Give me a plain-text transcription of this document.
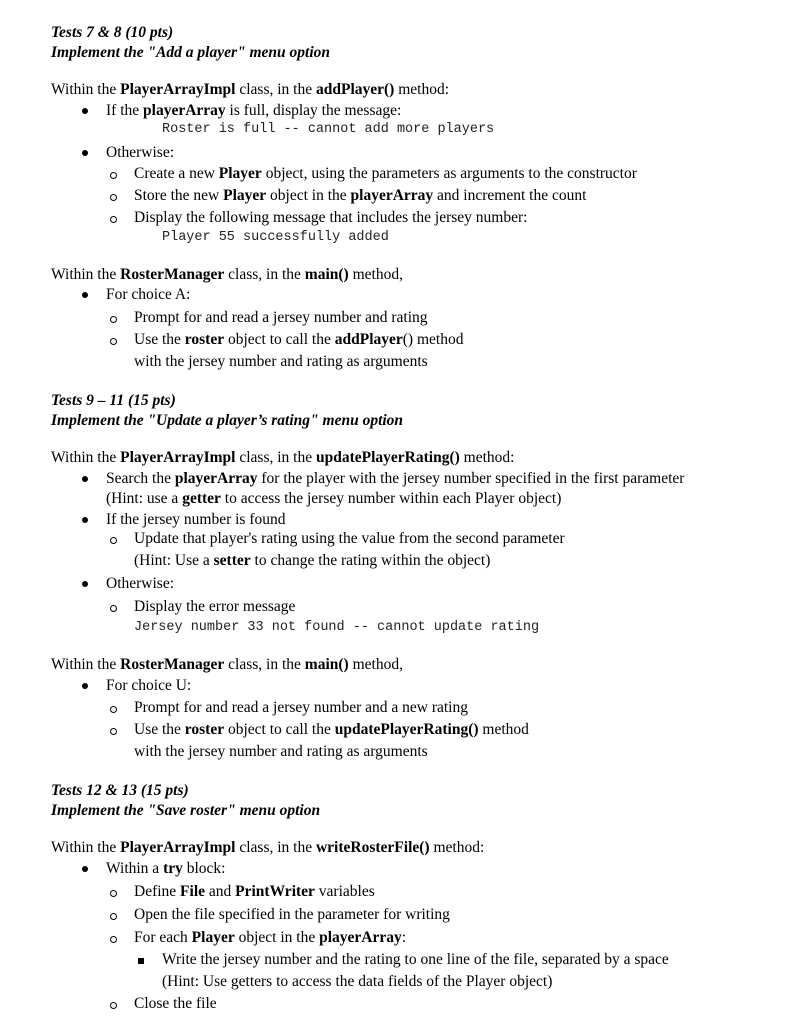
Tests 7 & 8 (10 pts)
Implement the "Add a player" menu option
Within the PlayerArrayImpl class, in the addPlayer() method:
If the playerArray is full, display the message:
Roster is full -- cannot add more players
Otherwise:
Create a new Player object, using the parameters as arguments to the constructor
Store the new Player object in the playerArray and increment the count
Display the following message that includes the jersey number:
Player 55 successfully added
Within the RosterManager class, in the main() method,
For choice A:
Prompt for and read a jersey number and rating
Use the roster object to call the addPlayer() method
with the jersey number and rating as arguments
Tests 9 – 11 (15 pts)
Implement the "Update a player’s rating" menu option
Within the PlayerArrayImpl class, in the updatePlayerRating() method:
Search the playerArray for the player with the jersey number specified in the first parameter
(Hint: use a getter to access the jersey number within each Player object)
If the jersey number is found
Update that player's rating using the value from the second parameter
(Hint: Use a setter to change the rating within the object)
Otherwise:
Display the error message
Jersey number 33 not found -- cannot update rating
Within the RosterManager class, in the main() method,
For choice U:
Prompt for and read a jersey number and a new rating
Use the roster object to call the updatePlayerRating() method
with the jersey number and rating as arguments
Tests 12 & 13 (15 pts)
Implement the "Save roster" menu option
Within the PlayerArrayImpl class, in the writeRosterFile() method:
Within a try block:
Define File and PrintWriter variables
Open the file specified in the parameter for writing
For each Player object in the playerArray:
Write the jersey number and the rating to one line of the file, separated by a space
(Hint: Use getters to access the data fields of the Player object)
Close the file
